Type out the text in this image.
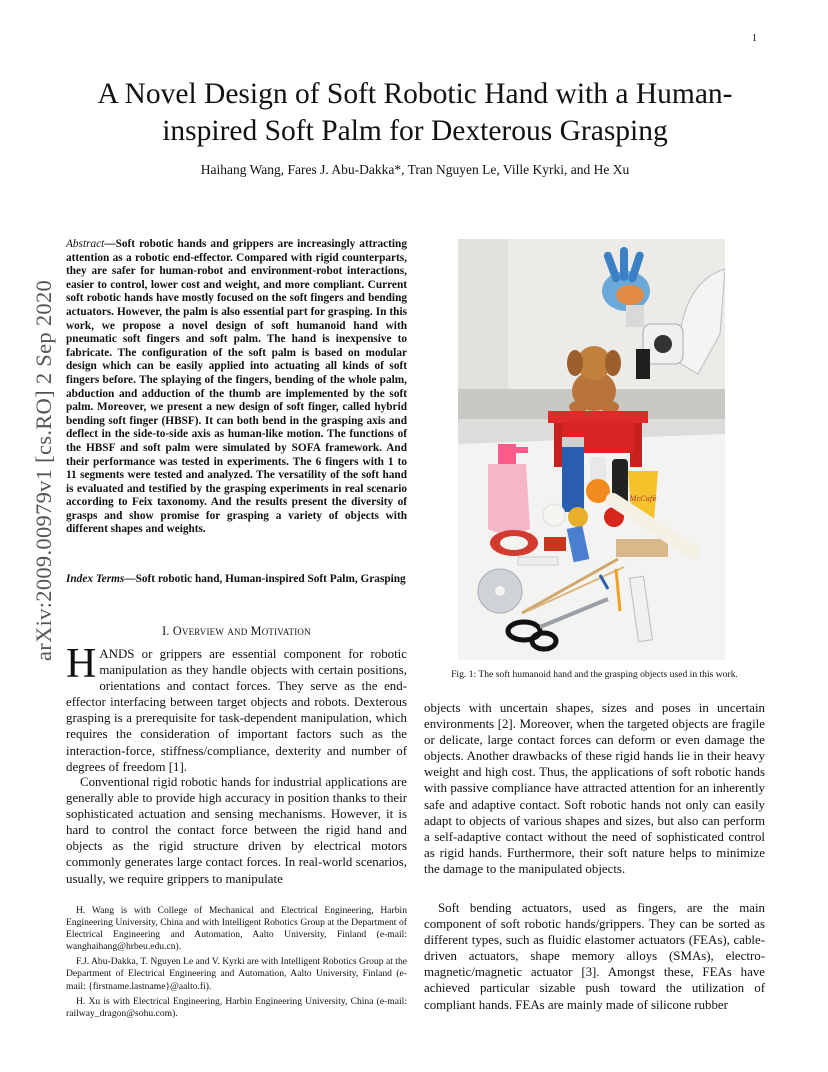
1
arXiv:2009.00979v1 [cs.RO] 2 Sep 2020
A Novel Design of Soft Robotic Hand with a Human-inspired Soft Palm for Dexterous Grasping
Haihang Wang, Fares J. Abu-Dakka*, Tran Nguyen Le, Ville Kyrki, and He Xu
Abstract—Soft robotic hands and grippers are increasingly attracting attention as a robotic end-effector. Compared with rigid counterparts, they are safer for human-robot and environment-robot interactions, easier to control, lower cost and weight, and more compliant. Current soft robotic hands have mostly focused on the soft fingers and bending actuators. However, the palm is also essential part for grasping. In this work, we propose a novel design of soft humanoid hand with pneumatic soft fingers and soft palm. The hand is inexpensive to fabricate. The configuration of the soft palm is based on modular design which can be easily applied into actuating all kinds of soft fingers before. The splaying of the fingers, bending of the whole palm, abduction and adduction of the thumb are implemented by the soft palm. Moreover, we present a new design of soft finger, called hybrid bending soft finger (HBSF). It can both bend in the grasping axis and deflect in the side-to-side axis as human-like motion. The functions of the HBSF and soft palm were simulated by SOFA framework. And their performance was tested in experiments. The 6 fingers with 1 to 11 segments were tested and analyzed. The versatility of the soft hand is evaluated and testified by the grasping experiments in real scenario according to Feix taxonomy. And the results present the diversity of grasps and show promise for grasping a variety of objects with different shapes and weights.
Index Terms—Soft robotic hand, Human-inspired Soft Palm, Grasping
I. Overview and Motivation
HANDS or grippers are essential component for robotic manipulation as they handle objects with certain positions, orientations and contact forces. They serve as the end-effector interfacing between target objects and robots. Dexterous grasping is a prerequisite for task-dependent manipulation, which requires the consideration of important factors such as the interaction-force, stiffness/compliance, dexterity and number of degrees of freedom [1].
Conventional rigid robotic hands for industrial applications are generally able to provide high accuracy in position thanks to their sophisticated actuation and sensing mechanisms. However, it is hard to control the contact force between the rigid hand and objects as the rigid structure driven by electrical motors commonly generates large contact forces. In real-world scenarios, usually, we require grippers to manipulate

H. Wang is with College of Mechanical and Electrical Engineering, Harbin Engineering University, China and with Intelligent Robotics Group at the Department of Electrical Engineering and Automation, Aalto University, Finland (e-mail: wanghaihang@hrbeu.edu.cn).

F.J. Abu-Dakka, T. Nguyen Le and V. Kyrki are with Intelligent Robotics Group at the Department of Electrical Engineering and Automation, Aalto University, Finland (e-mail: {firstname.lastname}@aalto.fi).

H. Xu is with Electrical Engineering, Harbin Engineering University, China (e-mail: railway_dragon@sohu.com).

McCafé
Fig. 1: The soft humanoid hand and the grasping objects used in this work.
objects with uncertain shapes, sizes and poses in uncertain environments [2]. Moreover, when the targeted objects are fragile or delicate, large contact forces can deform or even damage the objects. Another drawbacks of these rigid hands lie in their heavy weight and high cost. Thus, the applications of soft robotic hands with passive compliance have attracted attention for an inherently safe and adaptive contact. Soft robotic hands not only can easily adapt to objects of various shapes and sizes, but also can perform a self-adaptive contact without the need of sophisticated control as rigid hands. Furthermore, their soft nature helps to minimize the damage to the manipulated objects.
Soft bending actuators, used as fingers, are the main component of soft robotic hands/grippers. They can be sorted as different types, such as fluidic elastomer actuators (FEAs), cable-driven actuators, shape memory alloys (SMAs), electro-magnetic/magnetic actuator [3]. Amongst these, FEAs have achieved particular sizable push toward the utilization of compliant hands. FEAs are mainly made of silicone rubber
